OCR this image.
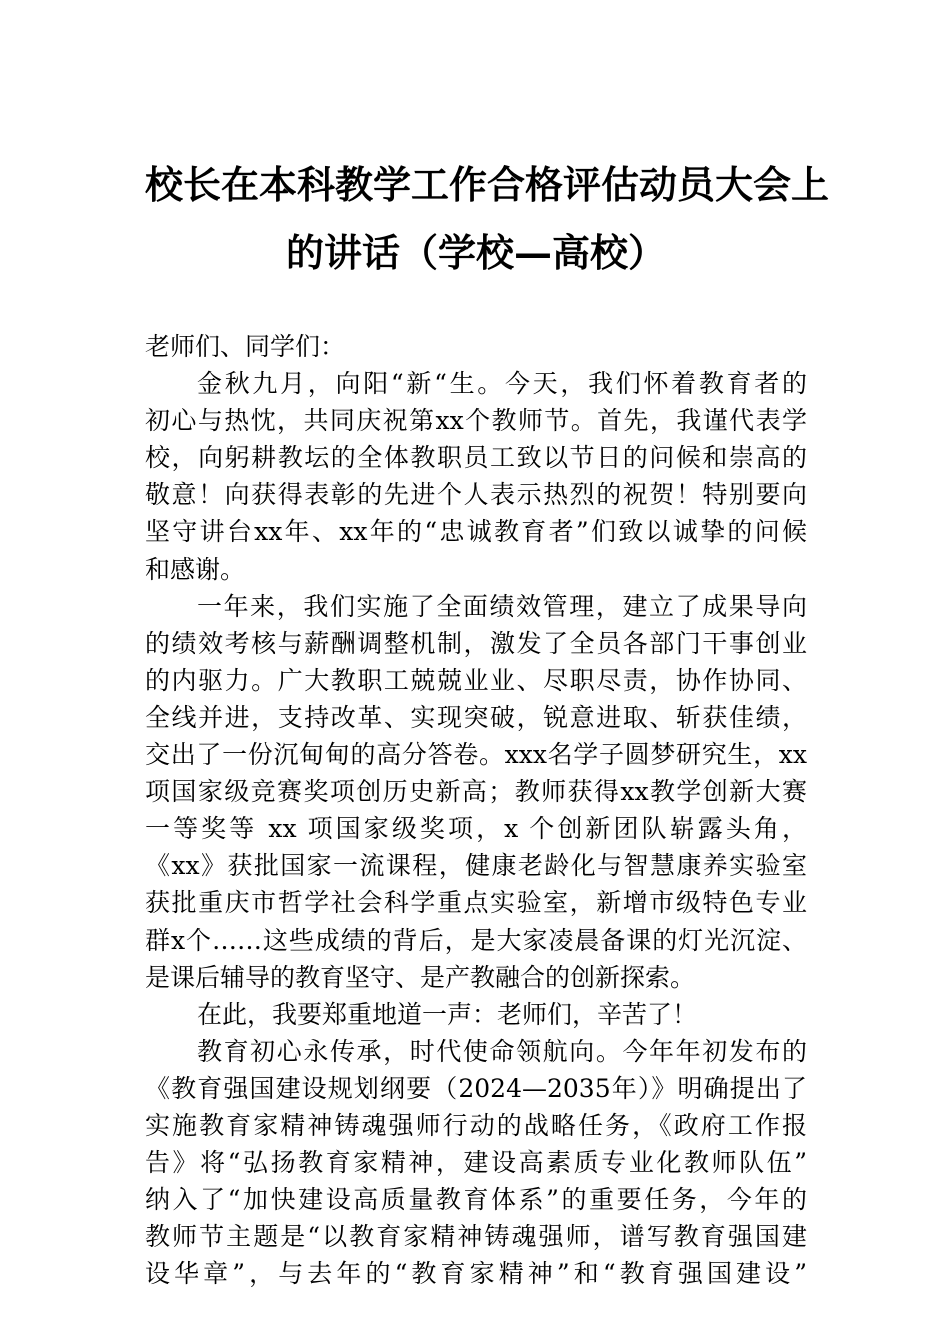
校长在本科教学工作合格评估动员大会上
的讲话（学校—高校）
老师们、同学们：
金秋九月，向阳“新“生。今天，我们怀着教育者的
初心与热忱，共同庆祝第xx个教师节。首先，我谨代表学
校，向躬耕教坛的全体教职员工致以节日的问候和崇高的
敬意！向获得表彰的先进个人表示热烈的祝贺！特别要向
坚守讲台xx年、xx年的“忠诚教育者”们致以诚挚的问候
和感谢。
一年来，我们实施了全面绩效管理，建立了成果导向
的绩效考核与薪酬调整机制，激发了全员各部门干事创业
的内驱力。广大教职工兢兢业业、尽职尽责，协作协同、
全线并进，支持改革、实现突破，锐意进取、斩获佳绩，
交出了一份沉甸甸的高分答卷。xxx名学子圆梦研究生，xx
项国家级竞赛奖项创历史新高；教师获得xx教学创新大赛
一等奖等 xx 项国家级奖项，x 个创新团队崭露头角，
《xx》获批国家一流课程，健康老龄化与智慧康养实验室
获批重庆市哲学社会科学重点实验室，新增市级特色专业
群x个……这些成绩的背后，是大家凌晨备课的灯光沉淀、
是课后辅导的教育坚守、是产教融合的创新探索。
在此，我要郑重地道一声：老师们，辛苦了！
教育初心永传承，时代使命领航向。今年年初发布的
《教育强国建设规划纲要（2024—2035年）》明确提出了
实施教育家精神铸魂强师行动的战略任务，《政府工作报
告》将“弘扬教育家精神，建设高素质专业化教师队伍”
纳入了“加快建设高质量教育体系”的重要任务，今年的
教师节主题是“以教育家精神铸魂强师，谱写教育强国建
设华章”，与去年的“教育家精神”和“教育强国建设”
